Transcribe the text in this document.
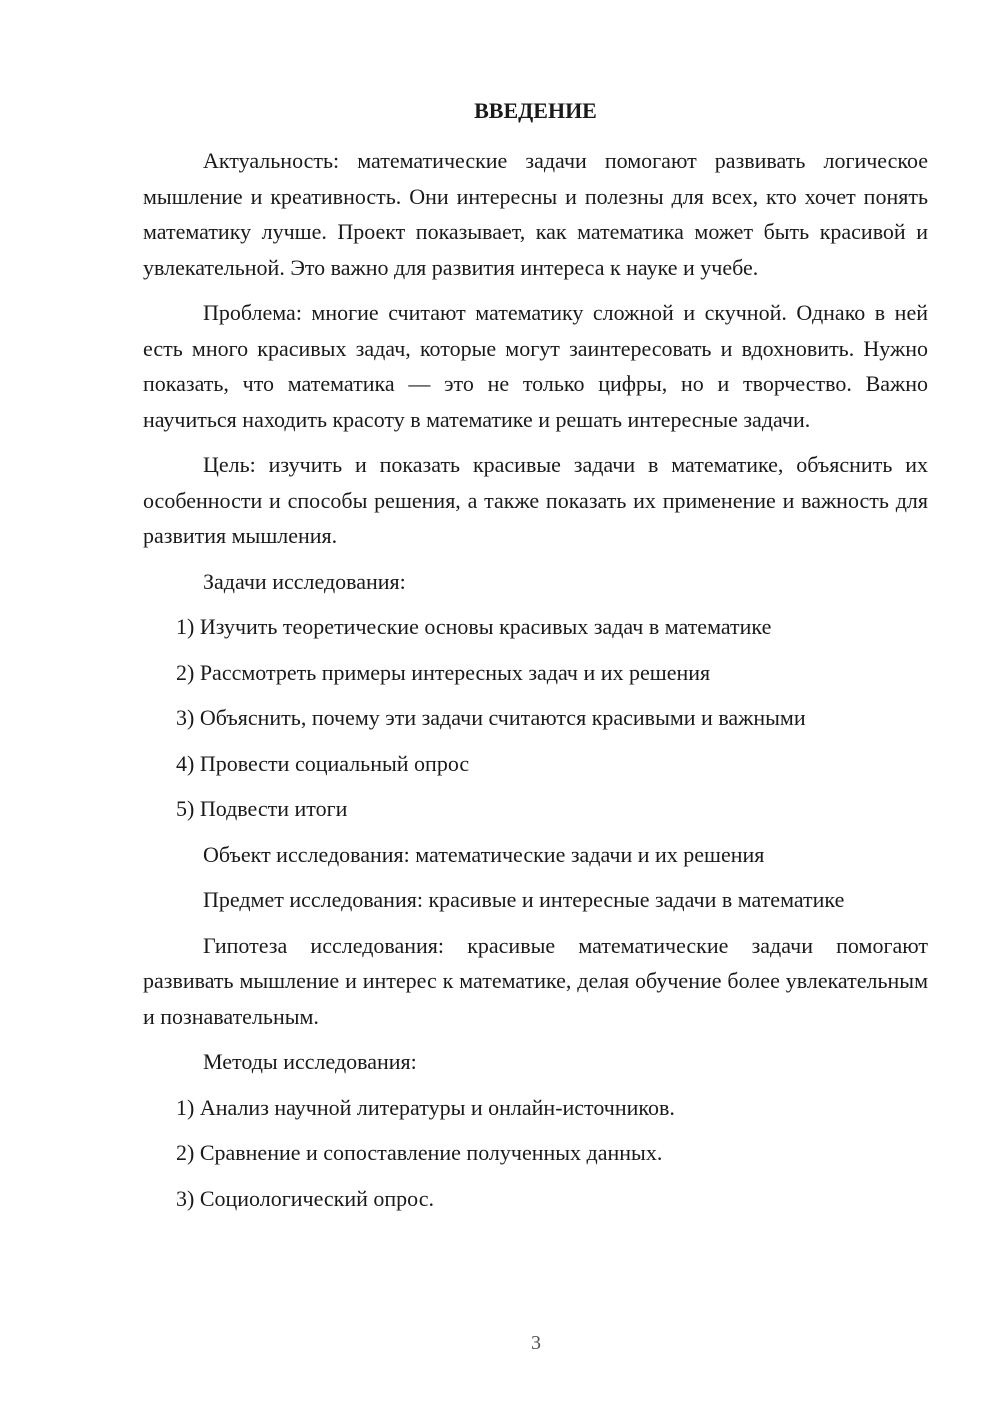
ВВЕДЕНИЕ

Актуальность: математические задачи помогают развивать логическое мышление и креативность. Они интересны и полезны для всех, кто хочет понять математику лучше. Проект показывает, как математика может быть красивой и увлекательной. Это важно для развития интереса к науке и учебе.

Проблема: многие считают математику сложной и скучной. Однако в ней есть много красивых задач, которые могут заинтересовать и вдохновить. Нужно показать, что математика — это не только цифры, но и творчество. Важно научиться находить красоту в математике и решать интересные задачи.

Цель: изучить и показать красивые задачи в математике, объяснить их особенности и способы решения, а также показать их применение и важность для развития мышления.

Задачи исследования:
1) Изучить теоретические основы красивых задач в математике
2) Рассмотреть примеры интересных задач и их решения
3) Объяснить, почему эти задачи считаются красивыми и важными
4) Провести социальный опрос
5) Подвести итоги
Объект исследования: математические задачи и их решения
Предмет исследования: красивые и интересные задачи в математике

Гипотеза исследования: красивые математические задачи помогают развивать мышление и интерес к математике, делая обучение более увлекательным и познавательным.

Методы исследования:
1) Анализ научной литературы и онлайн-источников.
2) Сравнение и сопоставление полученных данных.
3) Социологический опрос.
3
